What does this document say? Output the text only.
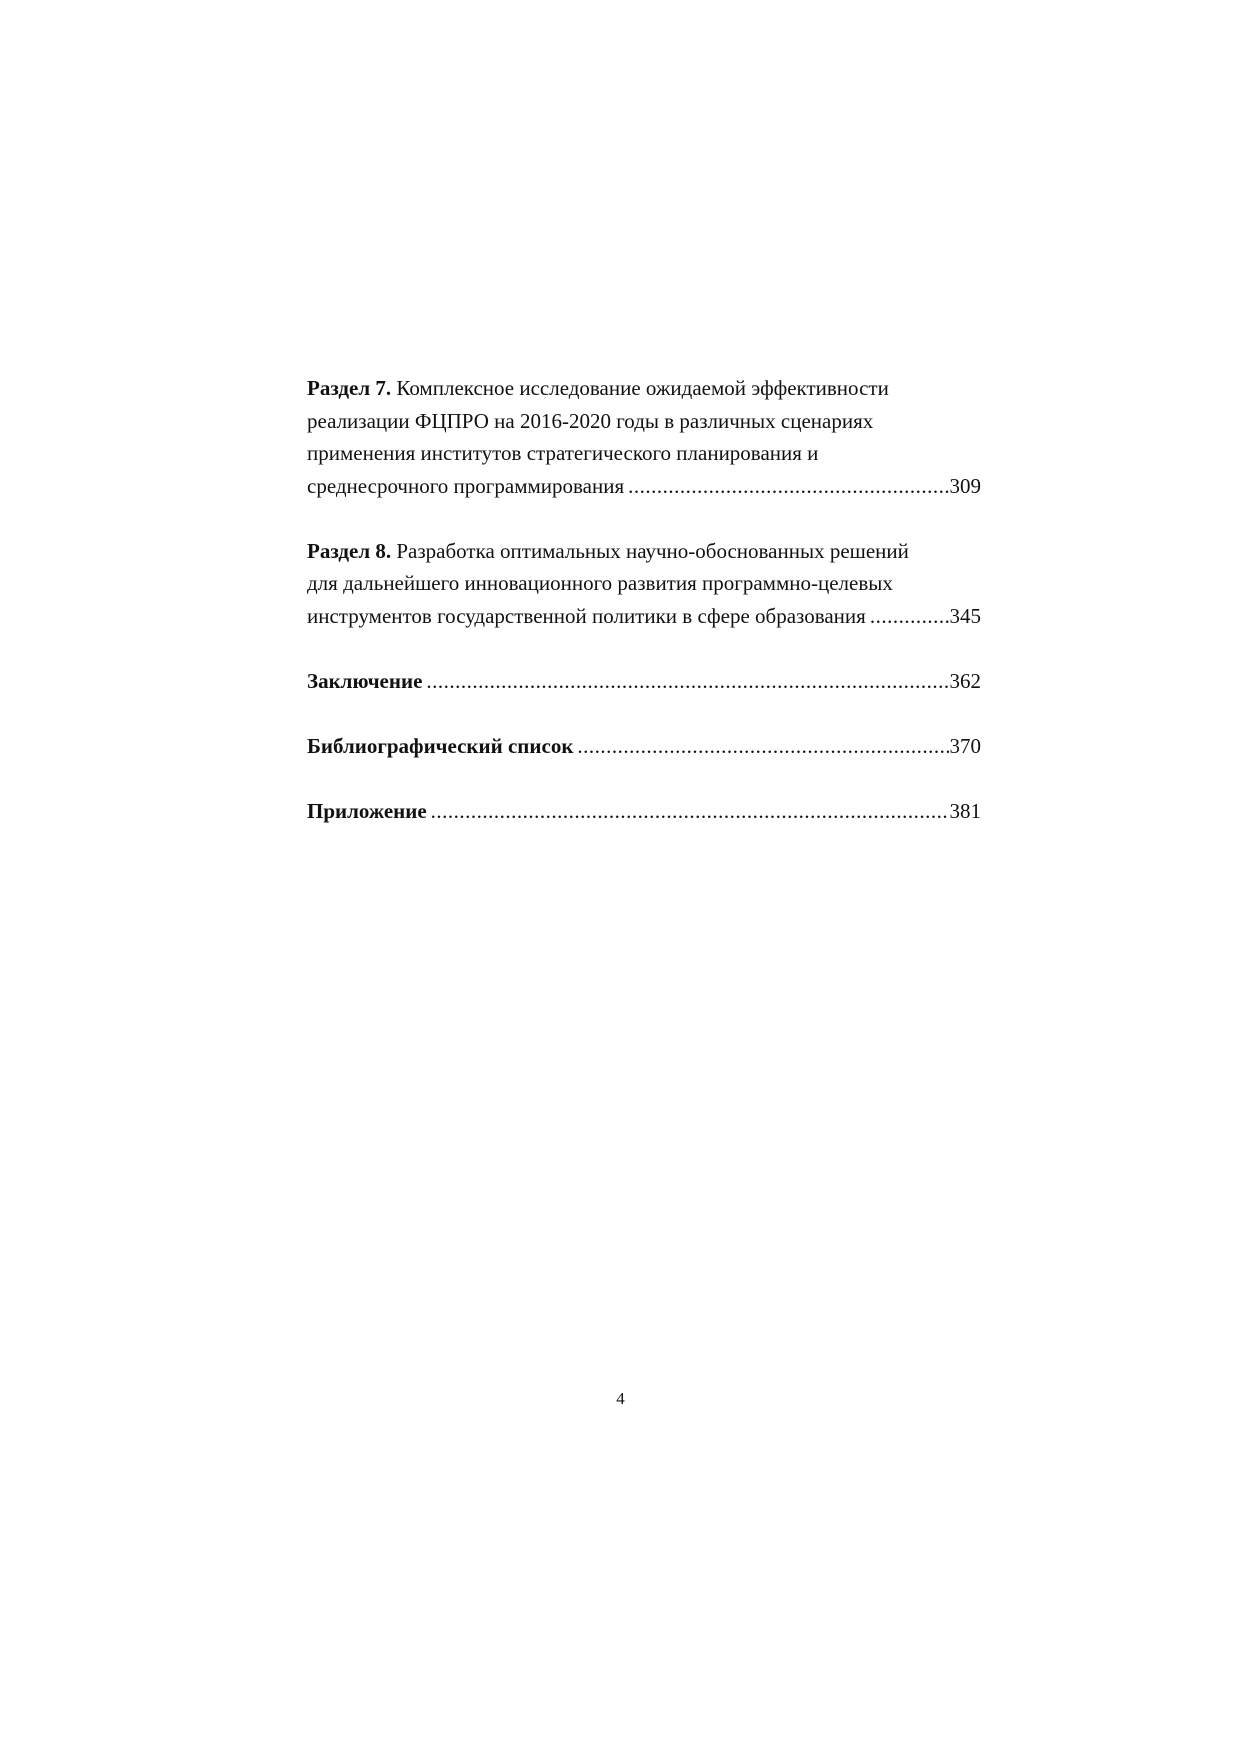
Раздел 7. Комплексное исследование ожидаемой эффективности
реализации ФЦПРО на 2016-2020 годы в различных сценариях
применения институтов стратегического планирования и
среднесрочного программирования .....	309
Раздел 8. Разработка оптимальных научно-обоснованных решений
для дальнейшего инновационного развития программно-целевых
инструментов государственной политики в сфере образования .....	345
Заключение .....	362
Библиографический список .....	370
Приложение .....	381
4
